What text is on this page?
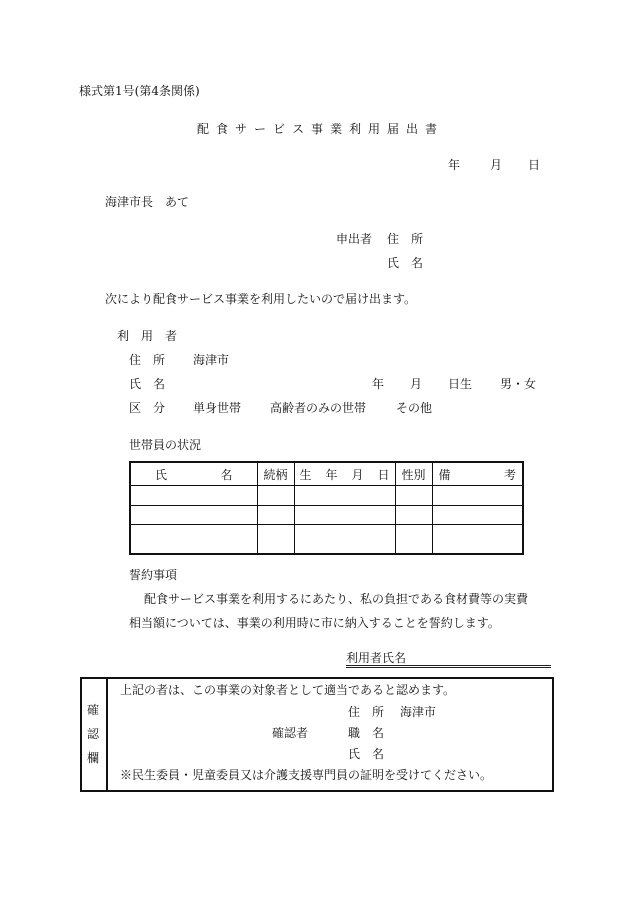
様式第1号(第4条関係)
配食サービス事業利用届出書
年 月 日
海津市長　あて
申出者 住　所
氏　名
次により配食サービス事業を利用したいので届け出ます。
利　用　者
住　所 海津市
氏　名	年 月 日生 男・女
区　分 単身世帯 高齢者のみの世帯 その他
世帯員の状況
氏 名	続柄	生 年 月 日	性別	備 考

誓約事項
配食サービス事業を利用するにあたり、私の負担である食材費等の実費
相当額については、事業の利用時に市に納入することを誓約します。
利用者氏名
確
認
欄
上記の者は、この事業の対象者として適当であると認めます。
住　所 海津市
確認者	職　名
氏　名
※民生委員・児童委員又は介護支援専門員の証明を受けてください。
